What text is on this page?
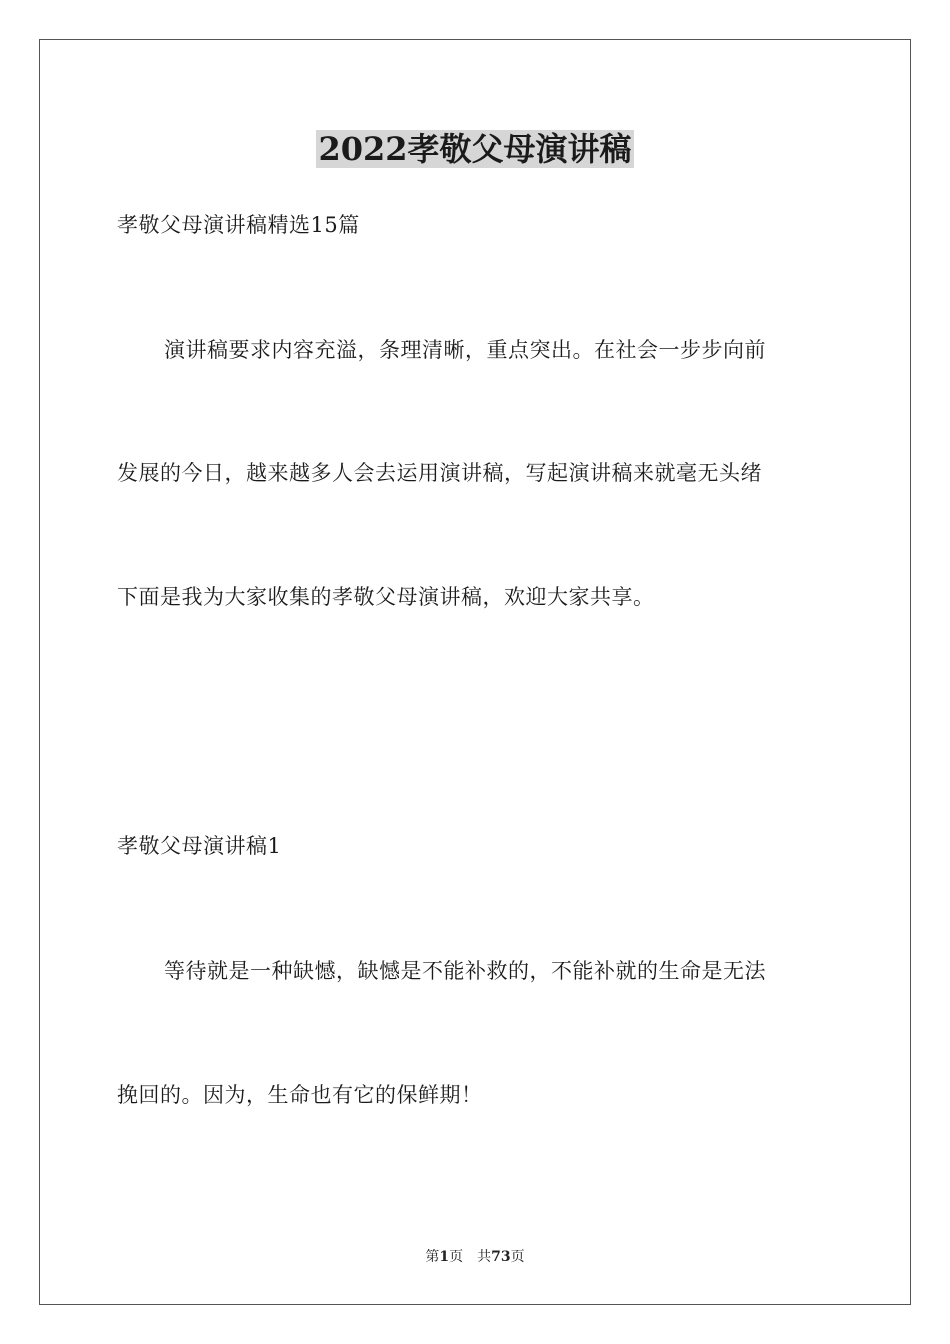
2022孝敬父母演讲稿
孝敬父母演讲稿精选15篇
演讲稿要求内容充溢，条理清晰，重点突出。在社会一步步向前
发展的今日，越来越多人会去运用演讲稿，写起演讲稿来就毫无头绪
下面是我为大家收集的孝敬父母演讲稿，欢迎大家共享。
孝敬父母演讲稿1
等待就是一种缺憾，缺憾是不能补救的，不能补就的生命是无法
挽回的。因为，生命也有它的保鲜期！
第1页　共73页
